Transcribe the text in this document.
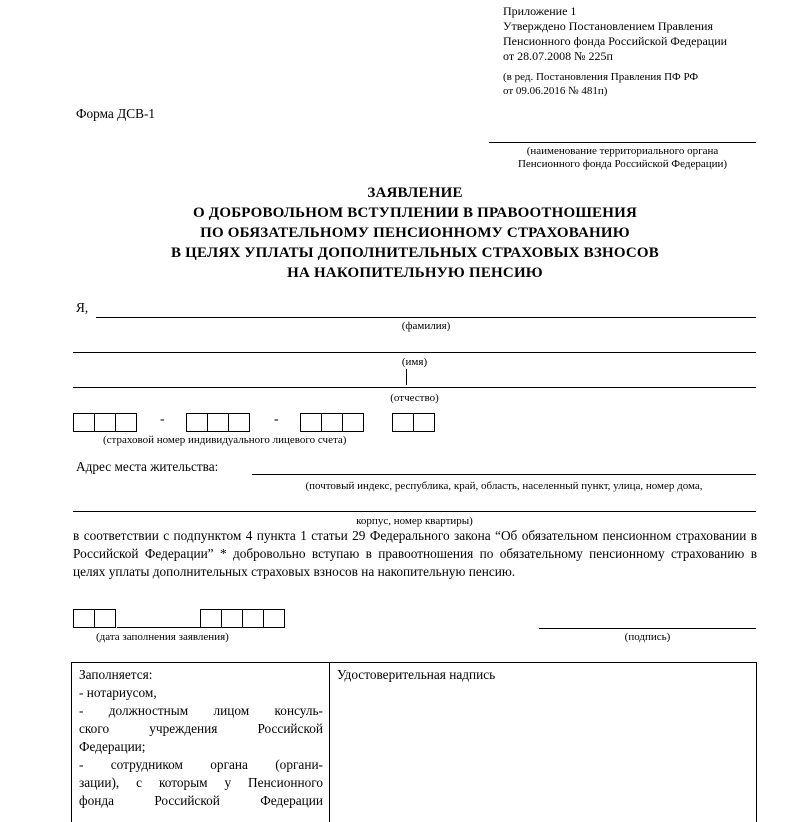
Приложение 1

Утверждено Постановлением Правления

Пенсионного фонда Российской Федерации

от 28.07.2008 № 225п

(в ред. Постановления Правления ПФ РФ

от 09.06.2016 № 481п)

Форма ДСВ-1
(наименование территориального органа
Пенсионного фонда Российской Федерации)
ЗАЯВЛЕНИЕ
О ДОБРОВОЛЬНОМ ВСТУПЛЕНИИ В ПРАВООТНОШЕНИЯ
ПО ОБЯЗАТЕЛЬНОМУ ПЕНСИОННОМУ СТРАХОВАНИЮ
В ЦЕЛЯХ УПЛАТЫ ДОПОЛНИТЕЛЬНЫХ СТРАХОВЫХ ВЗНОСОВ
НА НАКОПИТЕЛЬНУЮ ПЕНСИЮ
Я,
(фамилия)
(имя)
(отчество)
-	-
(страховой номер индивидуального лицевого счета)
Адрес места жительства:
(почтовый индекс, республика, край, область, населенный пункт, улица, номер дома,
корпус, номер квартиры)
в соответствии с подпунктом 4 пункта 1 статьи 29 Федерального закона “Об обязательном пенсионном страховании в Российской Федерации” * добровольно вступаю в правоотношения по обязательному пенсионному страхованию в целях уплаты дополнительных страховых взносов на накопительную пенсию.
(дата заполнения заявления)	(подпись)
Заполняется:
- нотариусом,
- должностным лицом консуль-
ского учреждения Российской
Федерации;
- сотрудником органа (органи-
зации), с которым у Пенсионного
фонда Российской Федерации
Удостоверительная надпись
